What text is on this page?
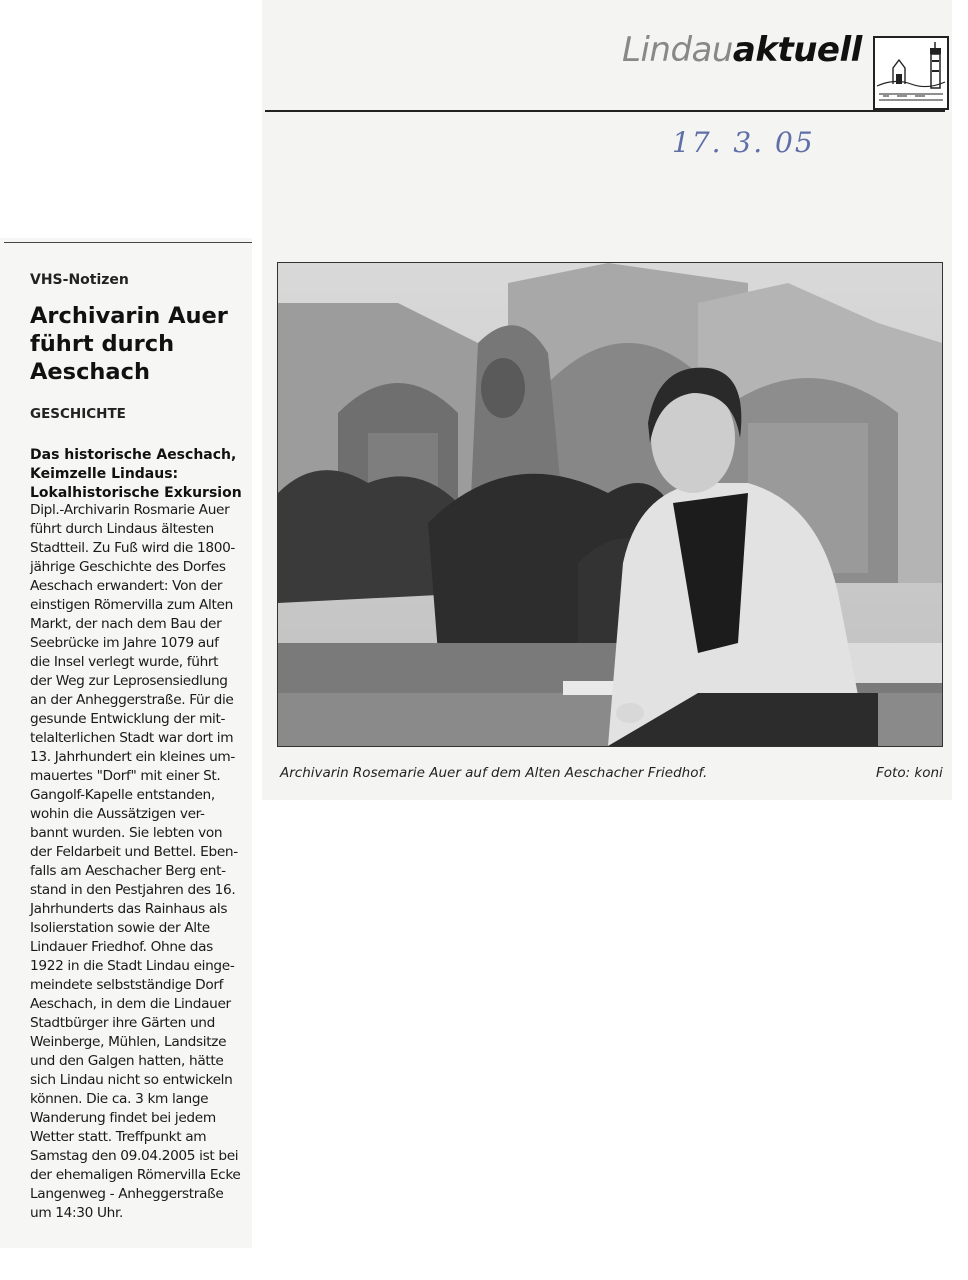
Lindauaktuell
17. 3. 05
Archivarin Rosemarie Auer auf dem Alten Aeschacher Friedhof.	Foto: koni
VHS-Notizen
Archivarin Auer
führt durch
Aeschach
GESCHICHTE
Das historische Aeschach,
Keimzelle Lindaus:
Lokalhistorische Exkursion
Dipl.-Archivarin Rosmarie Auer
führt durch Lindaus ältesten
Stadtteil. Zu Fuß wird die 1800-
jährige Geschichte des Dorfes
Aeschach erwandert: Von der
einstigen Römervilla zum Alten
Markt, der nach dem Bau der
Seebrücke im Jahre 1079 auf
die Insel verlegt wurde, führt
der Weg zur Leprosensiedlung
an der Anheggerstraße. Für die
gesunde Entwicklung der mit-
telalterlichen Stadt war dort im
13. Jahrhundert ein kleines um-
mauertes "Dorf" mit einer St.
Gangolf-Kapelle entstanden,
wohin die Aussätzigen ver-
bannt wurden. Sie lebten von
der Feldarbeit und Bettel. Eben-
falls am Aeschacher Berg ent-
stand in den Pestjahren des 16.
Jahrhunderts das Rainhaus als
Isolierstation sowie der Alte
Lindauer Friedhof. Ohne das
1922 in die Stadt Lindau einge-
meindete selbstständige Dorf
Aeschach, in dem die Lindauer
Stadtbürger ihre Gärten und
Weinberge, Mühlen, Landsitze
und den Galgen hatten, hätte
sich Lindau nicht so entwickeln
können. Die ca. 3 km lange
Wanderung findet bei jedem
Wetter statt. Treffpunkt am
Samstag den 09.04.2005 ist bei
der ehemaligen Römervilla Ecke
Langenweg - Anheggerstraße
um 14:30 Uhr.
